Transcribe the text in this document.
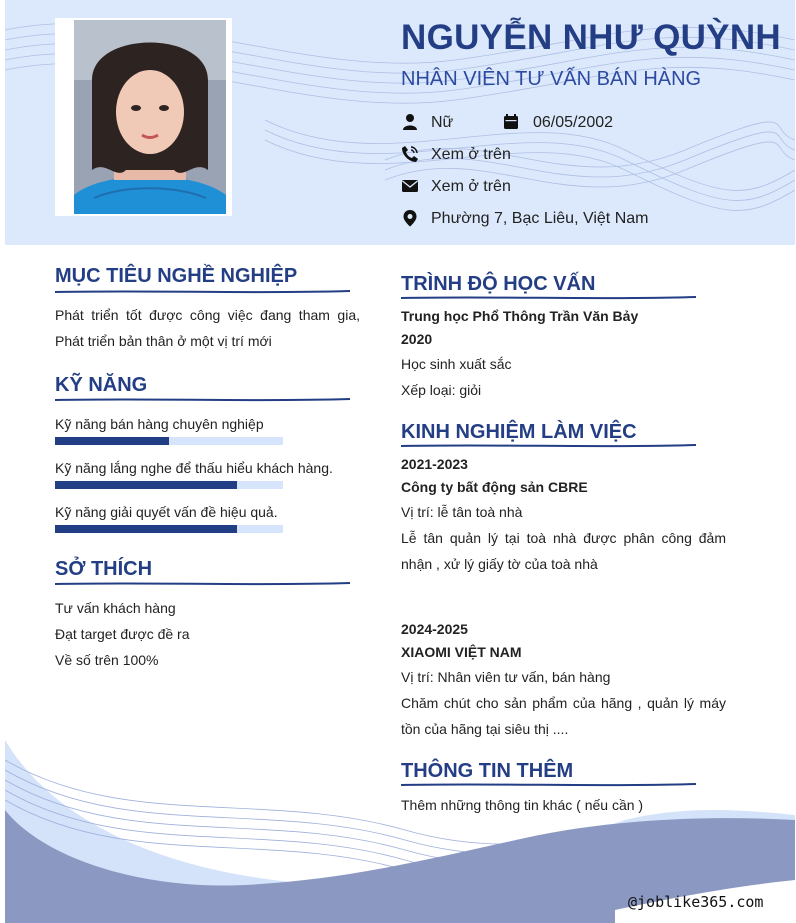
NGUYỄN NHƯ QUỲNH
NHÂN VIÊN TƯ VẤN BÁN HÀNG
Nữ	06/05/2002
Xem ở trên
Xem ở trên
Phường 7, Bạc Liêu, Việt Nam
MỤC TIÊU NGHỀ NGHIỆP
Phát triển tốt được công việc đang tham gia,
Phát triển bản thân ở một vị trí mới
KỸ NĂNG
Kỹ năng bán hàng chuyên nghiệp
Kỹ năng lắng nghe để thấu hiểu khách hàng.
Kỹ năng giải quyết vấn đề hiệu quả.
SỞ THÍCH
Tư vấn khách hàng
Đạt target được đề ra
Về số trên 100%
TRÌNH ĐỘ HỌC VẤN
Trung học Phổ Thông Trần Văn Bảy
2020
Học sinh xuất sắc
Xếp loại: giỏi
KINH NGHIỆM LÀM VIỆC
2021-2023
Công ty bất động sản CBRE
Vị trí: lễ tân toà nhà
Lễ tân quản lý tại toà nhà được phân công đảm
nhận , xử lý giấy tờ của toà nhà
2024-2025
XIAOMI VIỆT NAM
Vị trí: Nhân viên tư vấn, bán hàng
Chăm chút cho sản phẩm của hãng , quản lý máy
tồn của hãng tại siêu thị ....
THÔNG TIN THÊM
Thêm những thông tin khác ( nếu cần )
@joblike365.com
